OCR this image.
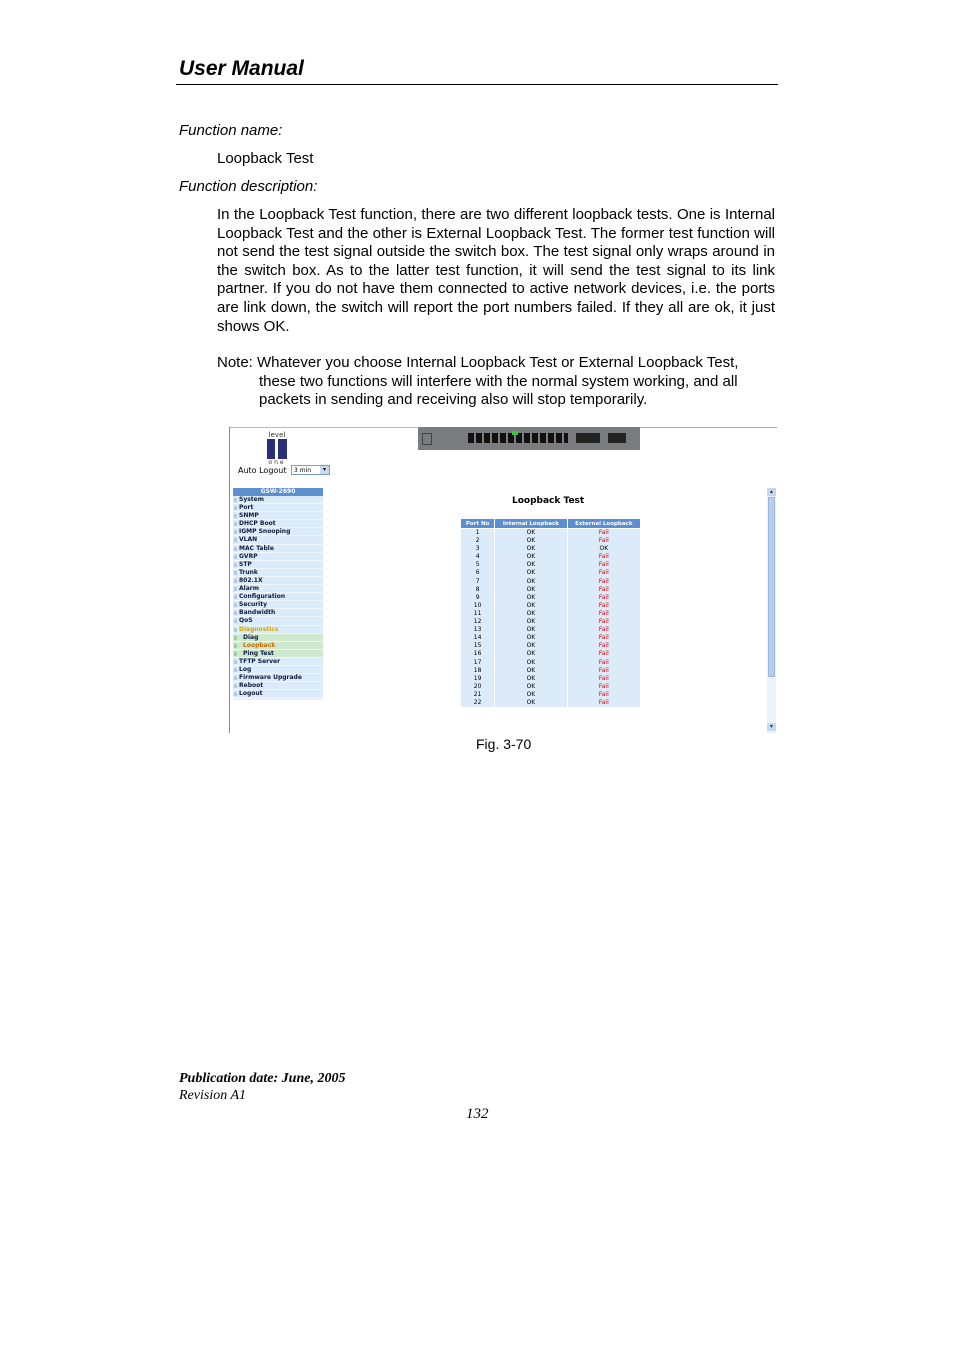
User Manual
Function name:
Loopback Test
Function description:
In the Loopback Test function, there are two different loopback tests. One is Internal Loopback Test and the other is External Loopback Test. The former test function will not send the test signal outside the switch box. The test signal only wraps around in the switch box. As to the latter test function, it will send the test signal to its link partner. If you do not have them connected to active network devices, i.e. the ports are link down, the switch will report the port numbers failed. If they all are ok, it just shows OK.
Note: Whatever you choose Internal Loopback Test or External Loopback Test,
these two functions will interfere with the normal system working, and all
packets in sending and receiving also will stop temporarily.
level
one
Auto Logout	3 min	▾
GSW-2690
System
Port
SNMP
DHCP Boot
IGMP Snooping
VLAN
MAC Table
GVRP
STP
Trunk
802.1X
Alarm
Configuration
Security
Bandwidth
QoS
Diagnostics
Diag
Loopback
Ping Test
TFTP Server
Log
Firmware Upgrade
Reboot
Logout
Loopback Test
Port No	Internal Loopback	External Loopback
1	OK	Fail
2	OK	Fail
3	OK	OK
4	OK	Fail
5	OK	Fail
6	OK	Fail
7	OK	Fail
8	OK	Fail
9	OK	Fail
10	OK	Fail
11	OK	Fail
12	OK	Fail
13	OK	Fail
14	OK	Fail
15	OK	Fail
16	OK	Fail
17	OK	Fail
18	OK	Fail
19	OK	Fail
20	OK	Fail
21	OK	Fail
22	OK	Fail
▴
▾
Fig. 3-70
Publication date: June, 2005
Revision A1
132
